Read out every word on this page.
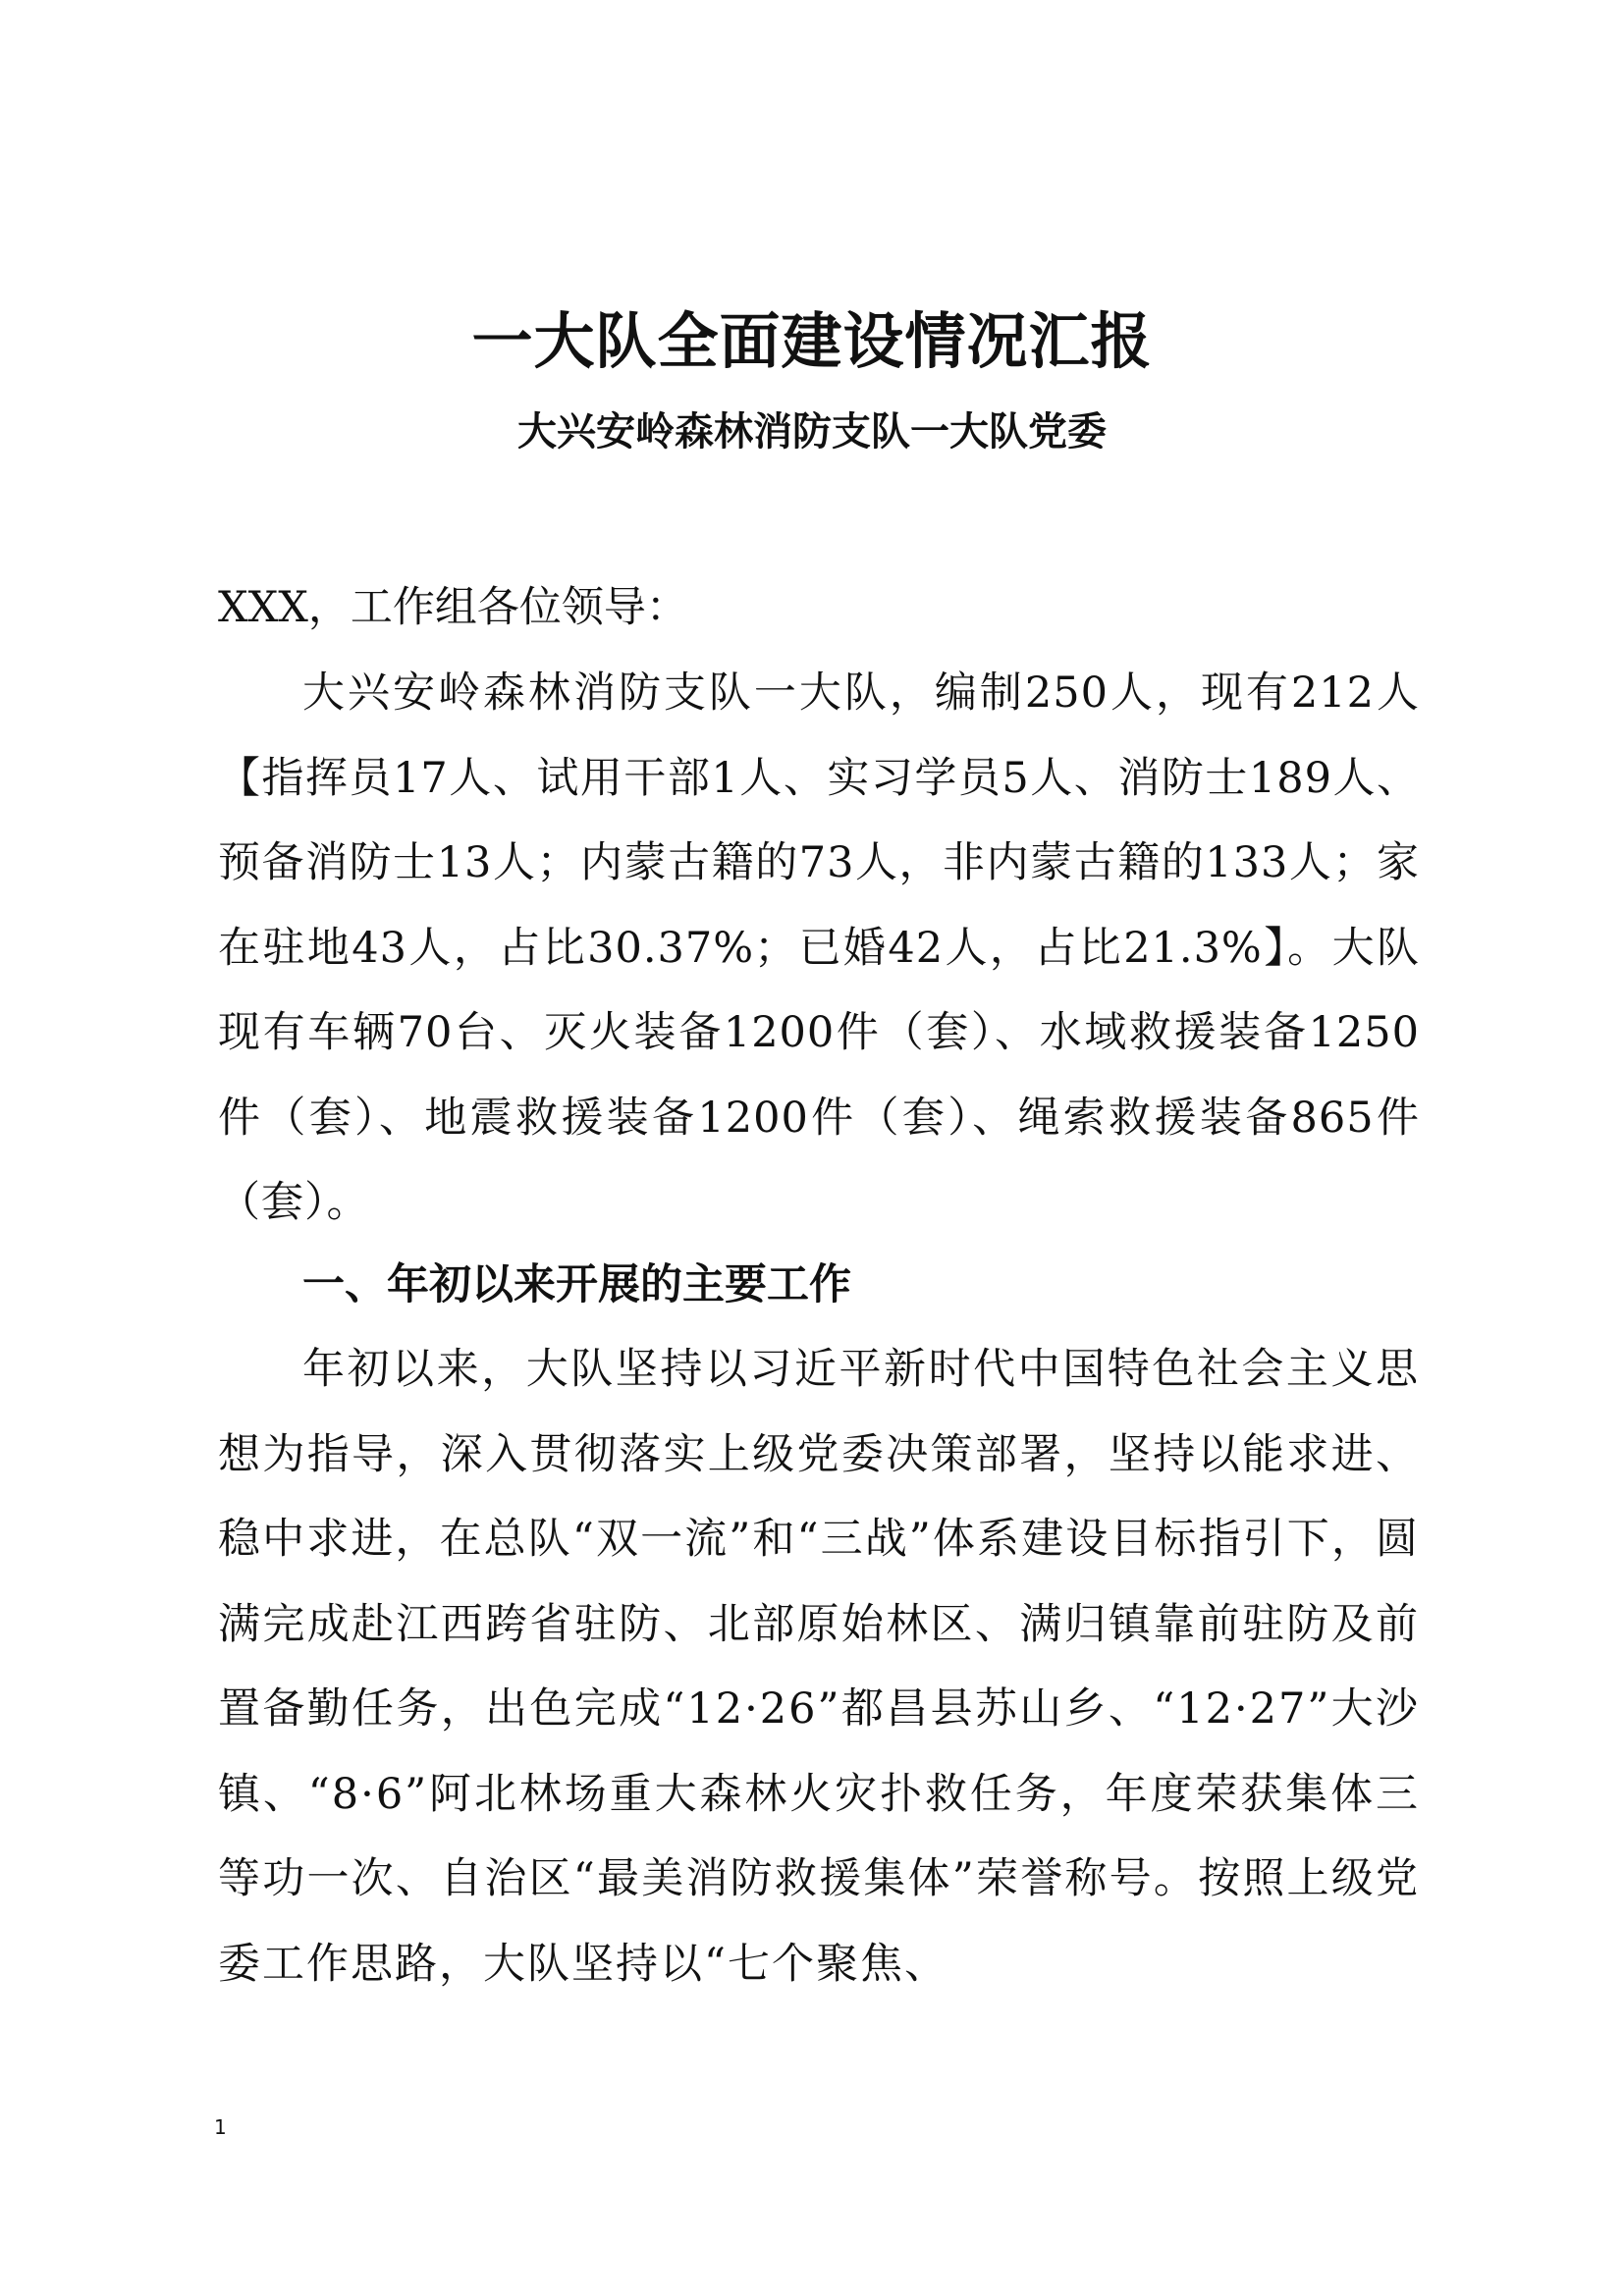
一大队全面建设情况汇报
大兴安岭森林消防支队一大队党委

XXX，工作组各位领导：

大兴安岭森林消防支队一大队，编制250人，现有212人【指挥员17人、试用干部1人、实习学员5人、消防士189人、预备消防士13人；内蒙古籍的73人，非内蒙古籍的133人；家在驻地43人，占比30.37%；已婚42人，占比21.3%】。大队现有车辆70台、灭火装备1200件（套）、水域救援装备1250件（套）、地震救援装备1200件（套）、绳索救援装备865件（套）。

一、年初以来开展的主要工作

年初以来，大队坚持以习近平新时代中国特色社会主义思想为指导，深入贯彻落实上级党委决策部署，坚持以能求进、稳中求进，在总队“双一流”和“三战”体系建设目标指引下，圆满完成赴江西跨省驻防、北部原始林区、满归镇靠前驻防及前置备勤任务，出色完成“12·26”都昌县苏山乡、“12·27”大沙镇、“8·6”阿北林场重大森林火灾扑救任务，年度荣获集体三等功一次、自治区“最美消防救援集体”荣誉称号。按照上级党委工作思路，大队坚持以“七个聚焦、

1
